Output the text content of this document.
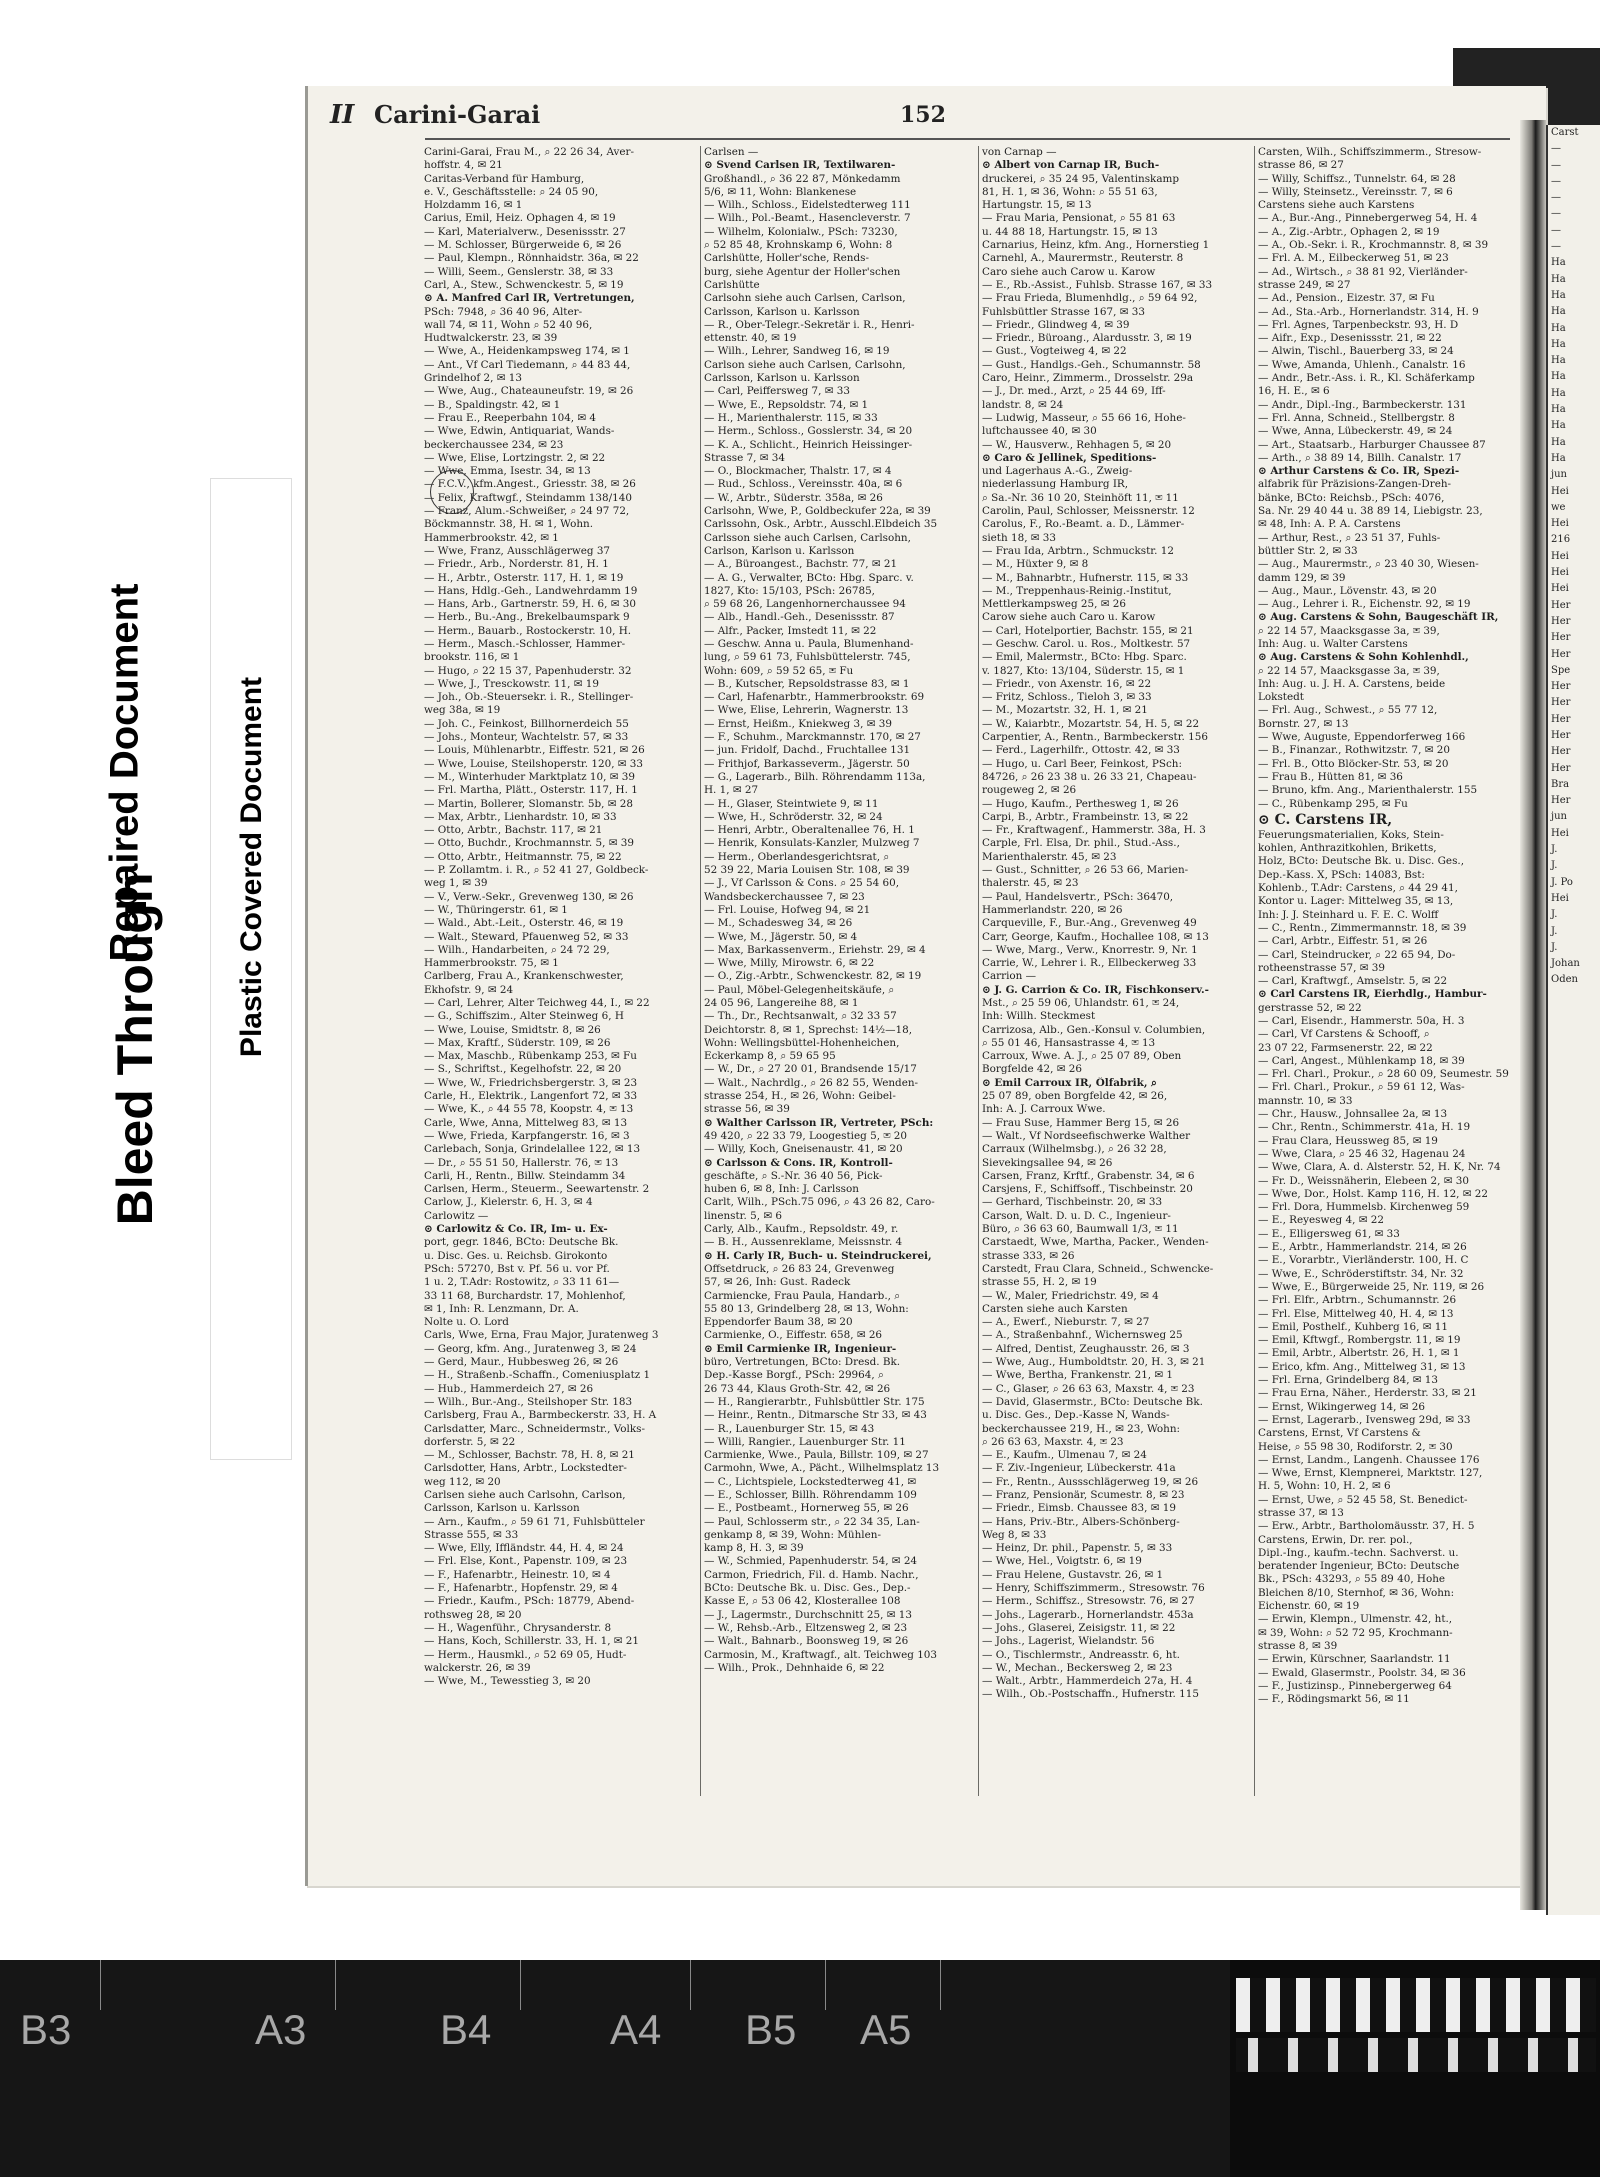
Bleed Through
Repaired Document	Plastic Covered Document
Carst
—
—
—
—
—
—
—
Ha
Ha
Ha
Ha
Ha
Ha
Ha
Ha
Ha
Ha
Ha
Ha
Ha
jun
Hei
we
Hei
216
Hei
Hei
Hei
Her
Her
Her
Her
Spe
Her
Her
Her
Her
Her
Her
Bra
Her
jun
Hei
J.
J.
J. Po
Hei
J.
J.
J.
Johan
Oden
II Carini-Garai	152
Carini-Garai, Frau M., ⌕ 22 26 34, Aver-
hoffstr. 4, ✉ 21
Caritas-Verband für Hamburg,
e. V., Geschäftsstelle: ⌕ 24 05 90,
Holzdamm 16, ✉ 1
Carius, Emil, Heiz. Ophagen 4, ✉ 19
— Karl, Materialverw., Desenissstr. 27
— M. Schlosser, Bürgerweide 6, ✉ 26
— Paul, Klempn., Rönnhaidstr. 36a, ✉ 22
— Willi, Seem., Genslerstr. 38, ✉ 33
Carl, A., Stew., Schwenckestr. 5, ✉ 19
⊙ A. Manfred Carl IR, Vertretungen,
PSch: 7948, ⌕ 36 40 96, Alter-
wall 74, ✉ 11, Wohn ⌕ 52 40 96,
Hudtwalckerstr. 23, ✉ 39
— Wwe, A., Heidenkampsweg 174, ✉ 1
— Ant., Vf Carl Tiedemann, ⌕ 44 83 44,
Grindelhof 2, ✉ 13
— Wwe, Aug., Chateauneufstr. 19, ✉ 26
— B., Spaldingstr. 42, ✉ 1
— Frau E., Reeperbahn 104, ✉ 4
— Wwe, Edwin, Antiquariat, Wands-
beckerchaussee 234, ✉ 23
— Wwe, Elise, Lortzingstr. 2, ✉ 22
— Wwe, Emma, Isestr. 34, ✉ 13
— F.C.V., kfm.Angest., Griesstr. 38, ✉ 26
— Felix, Kraftwgf., Steindamm 138/140
— Franz, Alum.-Schweißer, ⌕ 24 97 72,
Böckmannstr. 38, H. ✉ 1, Wohn.
Hammerbrookstr. 42, ✉ 1
— Wwe, Franz, Ausschlägerweg 37
— Friedr., Arb., Norderstr. 81, H. 1
— H., Arbtr., Osterstr. 117, H. 1, ✉ 19
— Hans, Hdlg.-Geh., Landwehrdamm 19
— Hans, Arb., Gartnerstr. 59, H. 6, ✉ 30
— Herb., Bu.-Ang., Brekelbaumspark 9
— Herm., Bauarb., Rostockerstr. 10, H.
— Herm., Masch.-Schlosser, Hammer-
brookstr. 116, ✉ 1
— Hugo, ⌕ 22 15 37, Papenhuderstr. 32
— Wwe, J., Tresckowstr. 11, ✉ 19
— Joh., Ob.-Steuersekr. i. R., Stellinger-
weg 38a, ✉ 19
— Joh. C., Feinkost, Billhornerdeich 55
— Johs., Monteur, Wachtelstr. 57, ✉ 33
— Louis, Mühlenarbtr., Eiffestr. 521, ✉ 26
— Wwe, Louise, Steilshoperstr. 120, ✉ 33
— M., Winterhuder Marktplatz 10, ✉ 39
— Frl. Martha, Plätt., Osterstr. 117, H. 1
— Martin, Bollerer, Slomanstr. 5b, ✉ 28
— Max, Arbtr., Lienhardstr. 10, ✉ 33
— Otto, Arbtr., Bachstr. 117, ✉ 21
— Otto, Buchdr., Krochmannstr. 5, ✉ 39
— Otto, Arbtr., Heitmannstr. 75, ✉ 22
— P. Zollamtm. i. R., ⌕ 52 41 27, Goldbeck-
weg 1, ✉ 39
— V., Verw.-Sekr., Grevenweg 130, ✉ 26
— W., Thüringerstr. 61, ✉ 1
— Wald., Abt.-Leit., Osterstr. 46, ✉ 19
— Walt., Steward, Pfauenweg 52, ✉ 33
— Wilh., Handarbeiten, ⌕ 24 72 29,
Hammerbrookstr. 75, ✉ 1
Carlberg, Frau A., Krankenschwester,
Ekhofstr. 9, ✉ 24
— Carl, Lehrer, Alter Teichweg 44, I., ✉ 22
— G., Schiffszim., Alter Steinweg 6, H
— Wwe, Louise, Smidtstr. 8, ✉ 26
— Max, Kraftf., Süderstr. 109, ✉ 26
— Max, Maschb., Rübenkamp 253, ✉ Fu
— S., Schriftst., Kegelhofstr. 22, ✉ 20
— Wwe, W., Friedrichsbergerstr. 3, ✉ 23
Carle, H., Elektrik., Langenfort 72, ✉ 33
— Wwe, K., ⌕ 44 55 78, Koopstr. 4, ✉ 13
Carle, Wwe, Anna, Mittelweg 83, ✉ 13
— Wwe, Frieda, Karpfangerstr. 16, ✉ 3
Carlebach, Sonja, Grindelallee 122, ✉ 13
— Dr., ⌕ 55 51 50, Hallerstr. 76, ✉ 13
Carli, H., Rentn., Billw. Steindamm 34
Carlsen, Herm., Steuerm., Seewartenstr. 2
Carlow, J., Kielerstr. 6, H. 3, ✉ 4
Carlowitz —
⊙ Carlowitz & Co. IR, Im- u. Ex-
port, gegr. 1846, BCto: Deutsche Bk.
u. Disc. Ges. u. Reichsb. Girokonto
PSch: 57270, Bst v. Pf. 56 u. vor Pf.
1 u. 2, T.Adr: Rostowitz, ⌕ 33 11 61—
33 11 68, Burchardstr. 17, Mohlenhof,
✉ 1, Inh: R. Lenzmann, Dr. A.
Nolte u. O. Lord
Carls, Wwe, Erna, Frau Major, Juratenweg 3
— Georg, kfm. Ang., Juratenweg 3, ✉ 24
— Gerd, Maur., Hubbesweg 26, ✉ 26
— H., Straßenb.-Schaffn., Comeniusplatz 1
— Hub., Hammerdeich 27, ✉ 26
— Wilh., Bur.-Ang., Steilshoper Str. 183
Carlsberg, Frau A., Barmbeckerstr. 33, H. A
Carlsdatter, Marc., Schneidermstr., Volks-
dorferstr. 5, ✉ 22
— M., Schlosser, Bachstr. 78, H. 8, ✉ 21
Carlsdotter, Hans, Arbtr., Lockstedter-
weg 112, ✉ 20
Carlsen siehe auch Carlsohn, Carlson,
Carlsson, Karlson u. Karlsson
— Arn., Kaufm., ⌕ 59 61 71, Fuhlsbütteler
Strasse 555, ✉ 33
— Wwe, Elly, Iffländstr. 44, H. 4, ✉ 24
— Frl. Else, Kont., Papenstr. 109, ✉ 23
— F., Hafenarbtr., Heinestr. 10, ✉ 4
— F., Hafenarbtr., Hopfenstr. 29, ✉ 4
— Friedr., Kaufm., PSch: 18779, Abend-
rothsweg 28, ✉ 20
— H., Wagenführ., Chrysanderstr. 8
— Hans, Koch, Schillerstr. 33, H. 1, ✉ 21
— Herm., Hausmkl., ⌕ 52 69 05, Hudt-
walckerstr. 26, ✉ 39
— Wwe, M., Tewesstieg 3, ✉ 20
Carlsen —
⊙ Svend Carlsen IR, Textilwaren-
Großhandl., ⌕ 36 22 87, Mönkedamm
5/6, ✉ 11, Wohn: Blankenese
— Wilh., Schloss., Eidelstedterweg 111
— Wilh., Pol.-Beamt., Hasencleverstr. 7
— Wilhelm, Kolonialw., PSch: 73230,
⌕ 52 85 48, Krohnskamp 6, Wohn: 8
Carlshütte, Holler'sche, Rends-
burg, siehe Agentur der Holler'schen
Carlshütte
Carlsohn siehe auch Carlsen, Carlson,
Carlsson, Karlson u. Karlsson
— R., Ober-Telegr.-Sekretär i. R., Henri-
ettenstr. 40, ✉ 19
— Wilh., Lehrer, Sandweg 16, ✉ 19
Carlson siehe auch Carlsen, Carlsohn,
Carlsson, Karlson u. Karlsson
— Carl, Peiffersweg 7, ✉ 33
— Wwe, E., Repsoldstr. 74, ✉ 1
— H., Marienthalerstr. 115, ✉ 33
— Herm., Schloss., Gosslerstr. 34, ✉ 20
— K. A., Schlicht., Heinrich Heissinger-
Strasse 7, ✉ 34
— O., Blockmacher, Thalstr. 17, ✉ 4
— Rud., Schloss., Vereinsstr. 40a, ✉ 6
— W., Arbtr., Süderstr. 358a, ✉ 26
Carlsohn, Wwe, P., Goldbeckufer 22a, ✉ 39
Carlssohn, Osk., Arbtr., Ausschl.Elbdeich 35
Carlsson siehe auch Carlsen, Carlsohn,
Carlson, Karlson u. Karlsson
— A., Büroangest., Bachstr. 77, ✉ 21
— A. G., Verwalter, BCto: Hbg. Sparc. v.
1827, Kto: 15/103, PSch: 26785,
⌕ 59 68 26, Langenhornerchaussee 94
— Alb., Handl.-Geh., Desenissstr. 87
— Alfr., Packer, Imstedt 11, ✉ 22
— Geschw. Anna u. Paula, Blumenhand-
lung, ⌕ 59 61 73, Fuhlsbüttelerstr. 745,
Wohn: 609, ⌕ 59 52 65, ✉ Fu
— B., Kutscher, Repsoldstrasse 83, ✉ 1
— Carl, Hafenarbtr., Hammerbrookstr. 69
— Wwe, Elise, Lehrerin, Wagnerstr. 13
— Ernst, Heißm., Kniekweg 3, ✉ 39
— F., Schuhm., Marckmannstr. 170, ✉ 27
— jun. Fridolf, Dachd., Fruchtallee 131
— Frithjof, Barkasseverm., Jägerstr. 50
— G., Lagerarb., Bilh. Röhrendamm 113a,
H. 1, ✉ 27
— H., Glaser, Steintwiete 9, ✉ 11
— Wwe, H., Schröderstr. 32, ✉ 24
— Henri, Arbtr., Oberaltenallee 76, H. 1
— Henrik, Konsulats-Kanzler, Mulzweg 7
— Herm., Oberlandesgerichtsrat, ⌕
52 39 22, Maria Louisen Str. 108, ✉ 39
— J., Vf Carlsson & Cons. ⌕ 25 54 60,
Wandsbeckerchaussee 7, ✉ 23
— Frl. Louise, Hofweg 94, ✉ 21
— M., Schadesweg 34, ✉ 26
— Wwe, M., Jägerstr. 50, ✉ 4
— Max, Barkassenverm., Eriehstr. 29, ✉ 4
— Wwe, Milly, Mirowstr. 6, ✉ 22
— O., Zig.-Arbtr., Schwenckestr. 82, ✉ 19
— Paul, Möbel-Gelegenheitskäufe, ⌕
24 05 96, Langereihe 88, ✉ 1
— Th., Dr., Rechtsanwalt, ⌕ 32 33 57
Deichtorstr. 8, ✉ 1, Sprechst: 14½—18,
Wohn: Wellingsbüttel-Hohenheichen,
Eckerkamp 8, ⌕ 59 65 95
— W., Dr., ⌕ 27 20 01, Brandsende 15/17
— Walt., Nachrdlg., ⌕ 26 82 55, Wenden-
strasse 254, H., ✉ 26, Wohn: Geibel-
strasse 56, ✉ 39
⊙ Walther Carlsson IR, Vertreter, PSch:
49 420, ⌕ 22 33 79, Loogestieg 5, ✉ 20
— Willy, Koch, Gneisenaustr. 41, ✉ 20
⊙ Carlsson & Cons. IR, Kontroll-
geschäfte, ⌕ S.-Nr. 36 40 56, Pick-
huben 6, ✉ 8, Inh: J. Carlsson
Carlt, Wilh., PSch.75 096, ⌕ 43 26 82, Caro-
linenstr. 5, ✉ 6
Carly, Alb., Kaufm., Repsoldstr. 49, r.
— B. H., Aussenreklame, Meissnstr. 4
⊙ H. Carly IR, Buch- u. Steindruckerei,
Offsetdruck, ⌕ 26 83 24, Grevenweg
57, ✉ 26, Inh: Gust. Radeck
Carmiencke, Frau Paula, Handarb., ⌕
55 80 13, Grindelberg 28, ✉ 13, Wohn:
Eppendorfer Baum 38, ✉ 20
Carmienke, O., Eiffestr. 658, ✉ 26
⊙ Emil Carmienke IR, Ingenieur-
büro, Vertretungen, BCto: Dresd. Bk.
Dep.-Kasse Borgf., PSch: 29964, ⌕
26 73 44, Klaus Groth-Str. 42, ✉ 26
— H., Rangierarbtr., Fuhlsbüttler Str. 175
— Heinr., Rentn., Ditmarsche Str 33, ✉ 43
— R., Lauenburger Str. 15, ✉ 43
— Willi, Rangier., Lauenburger Str. 11
Carmienke, Wwe., Paula, Billstr. 109, ✉ 27
Carmohn, Wwe, A., Pächt., Wilhelmsplatz 13
— C., Lichtspiele, Lockstedterweg 41, ✉
— E., Schlosser, Billh. Röhrendamm 109
— E., Postbeamt., Hornerweg 55, ✉ 26
— Paul, Schlosserm str., ⌕ 22 34 35, Lan-
genkamp 8, ✉ 39, Wohn: Mühlen-
kamp 8, H. 3, ✉ 39
— W., Schmied, Papenhuderstr. 54, ✉ 24
Carmon, Friedrich, Fil. d. Hamb. Nachr.,
BCto: Deutsche Bk. u. Disc. Ges., Dep.-
Kasse E, ⌕ 53 06 42, Klosterallee 108
— J., Lagermstr., Durchschnitt 25, ✉ 13
— W., Rehsb.-Arb., Eltzensweg 2, ✉ 23
— Walt., Bahnarb., Boonsweg 19, ✉ 26
Carmosin, M., Kraftwagf., alt. Teichweg 103
— Wilh., Prok., Dehnhaide 6, ✉ 22
von Carnap —
⊙ Albert von Carnap IR, Buch-
druckerei, ⌕ 35 24 95, Valentinskamp
81, H. 1, ✉ 36, Wohn: ⌕ 55 51 63,
Hartungstr. 15, ✉ 13
— Frau Maria, Pensionat, ⌕ 55 81 63
u. 44 88 18, Hartungstr. 15, ✉ 13
Carnarius, Heinz, kfm. Ang., Hornerstieg 1
Carnehl, A., Maurermstr., Reuterstr. 8
Caro siehe auch Carow u. Karow
— E., Rb.-Assist., Fuhlsb. Strasse 167, ✉ 33
— Frau Frieda, Blumenhdlg., ⌕ 59 64 92,
Fuhlsbüttler Strasse 167, ✉ 33
— Friedr., Glindweg 4, ✉ 39
— Friedr., Büroang., Alardusstr. 3, ✉ 19
— Gust., Vogteiweg 4, ✉ 22
— Gust., Handlgs.-Geh., Schumannstr. 58
Caro, Heinr., Zimmerm., Drosselstr. 29a
— J., Dr. med., Arzt, ⌕ 25 44 69, Iff-
landstr. 8, ✉ 24
— Ludwig, Masseur, ⌕ 55 66 16, Hohe-
luftchaussee 40, ✉ 30
— W., Hausverw., Rehhagen 5, ✉ 20
⊙ Caro & Jellinek, Speditions-
und Lagerhaus A.-G., Zweig-
niederlassung Hamburg IR,
⌕ Sa.-Nr. 36 10 20, Steinhöft 11, ✉ 11
Carolin, Paul, Schlosser, Meissnerstr. 12
Carolus, F., Ro.-Beamt. a. D., Lämmer-
sieth 18, ✉ 33
— Frau Ida, Arbtrn., Schmuckstr. 12
— M., Hüxter 9, ✉ 8
— M., Bahnarbtr., Hufnerstr. 115, ✉ 33
— M., Treppenhaus-Reinig.-Institut,
Mettlerkampsweg 25, ✉ 26
Carow siehe auch Caro u. Karow
— Carl, Hotelportier, Bachstr. 155, ✉ 21
— Geschw. Carol. u. Ros., Moltkestr. 57
— Emil, Malermstr., BCto: Hbg. Sparc.
v. 1827, Kto: 13/104, Süderstr. 15, ✉ 1
— Friedr., von Axenstr. 16, ✉ 22
— Fritz, Schloss., Tieloh 3, ✉ 33
— M., Mozartstr. 32, H. 1, ✉ 21
— W., Kaiarbtr., Mozartstr. 54, H. 5, ✉ 22
Carpentier, A., Rentn., Barmbeckerstr. 156
— Ferd., Lagerhilfr., Ottostr. 42, ✉ 33
— Hugo, u. Carl Beer, Feinkost, PSch:
84726, ⌕ 26 23 38 u. 26 33 21, Chapeau-
rougeweg 2, ✉ 26
— Hugo, Kaufm., Perthesweg 1, ✉ 26
Carpi, B., Arbtr., Frambeinstr. 13, ✉ 22
— Fr., Kraftwagenf., Hammerstr. 38a, H. 3
Carple, Frl. Elsa, Dr. phil., Stud.-Ass.,
Marienthalerstr. 45, ✉ 23
— Gust., Schnitter, ⌕ 26 53 66, Marien-
thalerstr. 45, ✉ 23
— Paul, Handelsvertr., PSch: 36470,
Hammerlandstr. 220, ✉ 26
Carqueville, F., Bur.-Ang., Grevenweg 49
Carr, George, Kaufm., Hochallee 108, ✉ 13
— Wwe, Marg., Verw., Knorrestr. 9, Nr. 1
Carrie, W., Lehrer i. R., Ellbeckerweg 33
Carrion —
⊙ J. G. Carrion & Co. IR, Fischkonserv.-
Mst., ⌕ 25 59 06, Uhlandstr. 61, ✉ 24,
Inh: Willh. Steckmest
Carrizosa, Alb., Gen.-Konsul v. Columbien,
⌕ 55 01 46, Hansastrasse 4, ✉ 13
Carroux, Wwe. A. J., ⌕ 25 07 89, Oben
Borgfelde 42, ✉ 26
⊙ Emil Carroux IR, Ölfabrik, ⌕
25 07 89, oben Borgfelde 42, ✉ 26,
Inh: A. J. Carroux Wwe.
— Frau Suse, Hammer Berg 15, ✉ 26
— Walt., Vf Nordseefischwerke Walther
Carraux (Wilhelmsbg.), ⌕ 26 32 28,
Sievekingsallee 94, ✉ 26
Carsen, Franz, Krftf., Grabenstr. 34, ✉ 6
Carsjens, F., Schiffsoff., Tischbeinstr. 20
— Gerhard, Tischbeinstr. 20, ✉ 33
Carson, Walt. D. u. D. C., Ingenieur-
Büro, ⌕ 36 63 60, Baumwall 1/3, ✉ 11
Carstaedt, Wwe, Martha, Packer., Wenden-
strasse 333, ✉ 26
Carstedt, Frau Clara, Schneid., Schwencke-
strasse 55, H. 2, ✉ 19
— W., Maler, Friedrichstr. 49, ✉ 4
Carsten siehe auch Karsten
— A., Ewerf., Nieburstr. 7, ✉ 27
— A., Straßenbahnf., Wichernsweg 25
— Alfred, Dentist, Zeughausstr. 26, ✉ 3
— Wwe, Aug., Humboldtstr. 20, H. 3, ✉ 21
— Wwe, Bertha, Frankenstr. 21, ✉ 1
— C., Glaser, ⌕ 26 63 63, Maxstr. 4, ✉ 23
— David, Glasermstr., BCto: Deutsche Bk.
u. Disc. Ges., Dep.-Kasse N, Wands-
beckerchaussee 219, H., ✉ 23, Wohn:
⌕ 26 63 63, Maxstr. 4, ✉ 23
— E., Kaufm., Ulmenau 7, ✉ 24
— F. Ziv.-Ingenieur, Lübeckerstr. 41a
— Fr., Rentn., Aussschlägerweg 19, ✉ 26
— Franz, Pensionär, Scumestr. 8, ✉ 23
— Friedr., Eimsb. Chaussee 83, ✉ 19
— Hans, Priv.-Btr., Albers-Schönberg-
Weg 8, ✉ 33
— Heinz, Dr. phil., Papenstr. 5, ✉ 33
— Wwe, Hel., Voigtstr. 6, ✉ 19
— Frau Helene, Gustavstr. 26, ✉ 1
— Henry, Schiffszimmerm., Stresowstr. 76
— Herm., Schiffsz., Stresowstr. 76, ✉ 27
— Johs., Lagerarb., Hornerlandstr. 453a
— Johs., Glaserei, Zeisigstr. 11, ✉ 22
— Johs., Lagerist, Wielandstr. 56
— O., Tischlermstr., Andreasstr. 6, ht.
— W., Mechan., Beckersweg 2, ✉ 23
— Walt., Arbtr., Hammerdeich 27a, H. 4
— Wilh., Ob.-Postschaffn., Hufnerstr. 115
Carsten, Wilh., Schiffszimmerm., Stresow-
strasse 86, ✉ 27
— Willy, Schiffsz., Tunnelstr. 64, ✉ 28
— Willy, Steinsetz., Vereinsstr. 7, ✉ 6
Carstens siehe auch Karstens
— A., Bur.-Ang., Pinnebergerweg 54, H. 4
— A., Zig.-Arbtr., Ophagen 2, ✉ 19
— A., Ob.-Sekr. i. R., Krochmannstr. 8, ✉ 39
— Frl. A. M., Eilbeckerweg 51, ✉ 23
— Ad., Wirtsch., ⌕ 38 81 92, Vierländer-
strasse 249, ✉ 27
— Ad., Pension., Eizestr. 37, ✉ Fu
— Ad., Sta.-Arb., Hornerlandstr. 314, H. 9
— Frl. Agnes, Tarpenbeckstr. 93, H. D
— Aifr., Exp., Desenissstr. 21, ✉ 22
— Alwin, Tischl., Bauerberg 33, ✉ 24
— Wwe, Amanda, Uhlenh., Canalstr. 16
— Andr., Betr.-Ass. i. R., Kl. Schäferkamp
16, H. E., ✉ 6
— Andr., Dipl.-Ing., Barmbeckerstr. 131
— Frl. Anna, Schneid., Stellbergstr. 8
— Wwe, Anna, Lübeckerstr. 49, ✉ 24
— Art., Staatsarb., Harburger Chaussee 87
— Arth., ⌕ 38 89 14, Billh. Canalstr. 17
⊙ Arthur Carstens & Co. IR, Spezi-
alfabrik für Präzisions-Zangen-Dreh-
bänke, BCto: Reichsb., PSch: 4076,
Sa. Nr. 29 40 44 u. 38 89 14, Liebigstr. 23,
✉ 48, Inh: A. P. A. Carstens
— Arthur, Rest., ⌕ 23 51 37, Fuhls-
büttler Str. 2, ✉ 33
— Aug., Maurermstr., ⌕ 23 40 30, Wiesen-
damm 129, ✉ 39
— Aug., Maur., Lövenstr. 43, ✉ 20
— Aug., Lehrer i. R., Eichenstr. 92, ✉ 19
⊙ Aug. Carstens & Sohn, Baugeschäft IR,
⌕ 22 14 57, Maacksgasse 3a, ✉ 39,
Inh: Aug. u. Walter Carstens
⊙ Aug. Carstens & Sohn Kohlenhdl.,
⌕ 22 14 57, Maacksgasse 3a, ✉ 39,
Inh: Aug. u. J. H. A. Carstens, beide
Lokstedt
— Frl. Aug., Schwest., ⌕ 55 77 12,
Bornstr. 27, ✉ 13
— Wwe, Auguste, Eppendorferweg 166
— B., Finanzar., Rothwitzstr. 7, ✉ 20
— Frl. B., Otto Blöcker-Str. 53, ✉ 20
— Frau B., Hütten 81, ✉ 36
— Bruno, kfm. Ang., Marienthalerstr. 155
— C., Rübenkamp 295, ✉ Fu
⊙ C. Carstens IR,
Feuerungsmaterialien, Koks, Stein-
kohlen, Anthrazitkohlen, Briketts,
Holz, BCto: Deutsche Bk. u. Disc. Ges.,
Dep.-Kass. X, PSch: 14083, Bst:
Kohlenb., T.Adr: Carstens, ⌕ 44 29 41,
Kontor u. Lager: Mittelweg 35, ✉ 13,
Inh: J. J. Steinhard u. F. E. C. Wolff
— C., Rentn., Zimmermannstr. 18, ✉ 39
— Carl, Arbtr., Eiffestr. 51, ✉ 26
— Carl, Steindrucker, ⌕ 22 65 94, Do-
rotheenstrasse 57, ✉ 39
— Carl, Kraftwgf., Amselstr. 5, ✉ 22
⊙ Carl Carstens IR, Eierhdlg., Hambur-
gerstrasse 52, ✉ 22
— Carl, Eisendr., Hammerstr. 50a, H. 3
— Carl, Vf Carstens & Schooff, ⌕
23 07 22, Farmsenerstr. 22, ✉ 22
— Carl, Angest., Mühlenkamp 18, ✉ 39
— Frl. Charl., Prokur., ⌕ 28 60 09, Seumestr. 59
— Frl. Charl., Prokur., ⌕ 59 61 12, Was-
mannstr. 10, ✉ 33
— Chr., Hausw., Johnsallee 2a, ✉ 13
— Chr., Rentn., Schimmerstr. 41a, H. 19
— Frau Clara, Heussweg 85, ✉ 19
— Wwe, Clara, ⌕ 25 46 32, Hagenau 24
— Wwe, Clara, A. d. Alsterstr. 52, H. K, Nr. 74
— Fr. D., Weissnäherin, Elebeen 2, ✉ 30
— Wwe, Dor., Holst. Kamp 116, H. 12, ✉ 22
— Frl. Dora, Hummelsb. Kirchenweg 59
— E., Reyesweg 4, ✉ 22
— E., Elligersweg 61, ✉ 33
— E., Arbtr., Hammerlandstr. 214, ✉ 26
— E., Vorarbtr., Vierländerstr. 100, H. C
— Wwe, E., Schröderstiftstr. 34, Nr. 32
— Wwe, E., Bürgerweide 25, Nr. 119, ✉ 26
— Frl. Elfr., Arbtrn., Schumannstr. 26
— Frl. Else, Mittelweg 40, H. 4, ✉ 13
— Emil, Posthelf., Kuhberg 16, ✉ 11
— Emil, Kftwgf., Rombergstr. 11, ✉ 19
— Emil, Arbtr., Albertstr. 26, H. 1, ✉ 1
— Erico, kfm. Ang., Mittelweg 31, ✉ 13
— Frl. Erna, Grindelberg 84, ✉ 13
— Frau Erna, Näher., Herderstr. 33, ✉ 21
— Ernst, Wikingerweg 14, ✉ 26
— Ernst, Lagerarb., Ivensweg 29d, ✉ 33
Carstens, Ernst, Vf Carstens &
Heise, ⌕ 55 98 30, Rodiforstr. 2, ✉ 30
— Ernst, Landm., Langenh. Chaussee 176
— Wwe, Ernst, Klempnerei, Marktstr. 127,
H. 5, Wohn: 10, H. 2, ✉ 6
— Ernst, Uwe, ⌕ 52 45 58, St. Benedict-
strasse 37, ✉ 13
— Erw., Arbtr., Bartholomäusstr. 37, H. 5
Carstens, Erwin, Dr. rer. pol.,
Dipl.-Ing., kaufm.-techn. Sachverst. u.
beratender Ingenieur, BCto: Deutsche
Bk., PSch: 43293, ⌕ 55 89 40, Hohe
Bleichen 8/10, Sternhof, ✉ 36, Wohn:
Eichenstr. 60, ✉ 19
— Erwin, Klempn., Ulmenstr. 42, ht.,
✉ 39, Wohn: ⌕ 52 72 95, Krochmann-
strasse 8, ✉ 39
— Erwin, Kürschner, Saarlandstr. 11
— Ewald, Glasermstr., Poolstr. 34, ✉ 36
— F., Justizinsp., Pinnebergerweg 64
— F., Rödingsmarkt 56, ✉ 11
B3	A3	B4	A4 B5 A5
